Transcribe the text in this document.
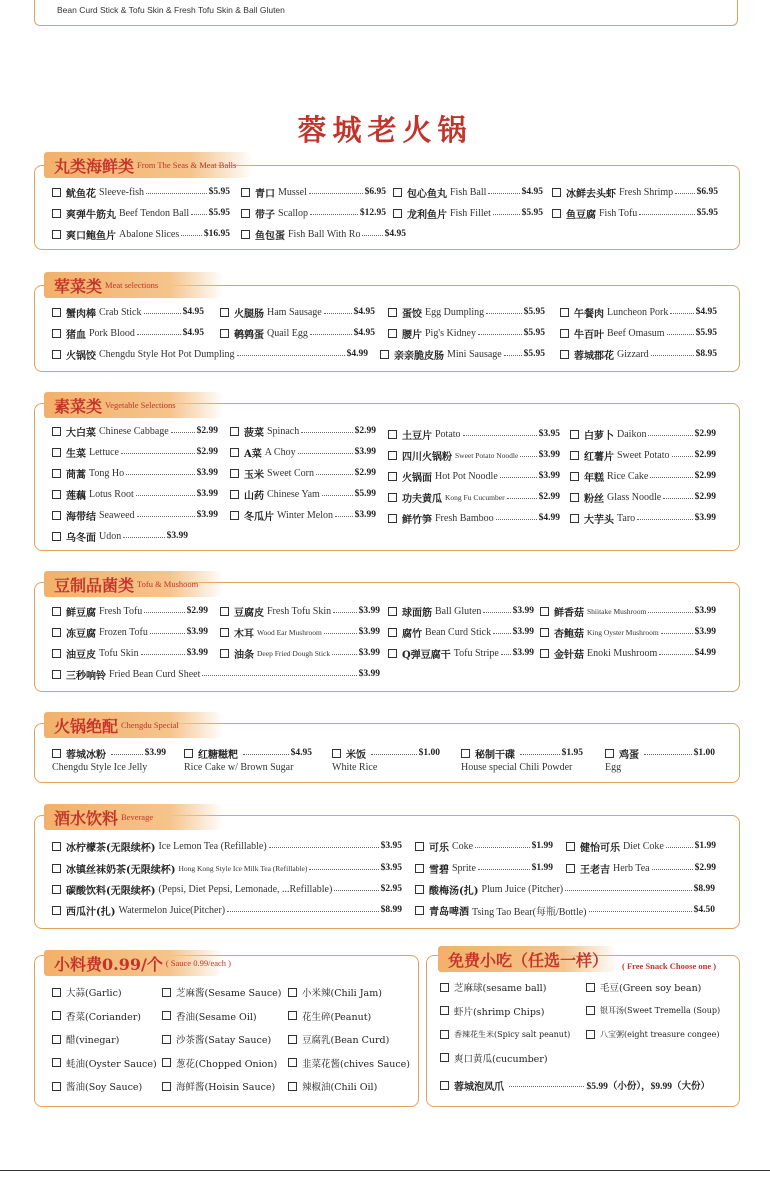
Bean Curd Stick & Tofu Skin & Fresh Tofu Skin & Ball Gluten
蓉城老火锅
丸类海鲜类 From The Seas & Meat Balls
荤菜类 Meat selections
素菜类 Vegetable Selections
豆制品菌类 Tofu & Mushoom
火锅绝配 Chengdu Special
酒水饮料 Beverage
小料费0.99/个 ( Sauce 0.99/each )	免费小吃（任选一样） ( Free Snack Choose one )
鱿鱼花 Sleeve-fish	$5.95	青口 Mussel	$6.95 包心鱼丸 Fish Ball	$4.95 冰鲜去头虾 Fresh Shrimp $6.95
爽弹牛筋丸 Beef Tendon Ball $5.95	带子 Scallop	$12.95 龙利鱼片 Fish Fillet	$5.95 鱼豆腐 Fish Tofu	$5.95
爽口鲍鱼片 Abalone Slices	$16.95	鱼包蛋 Fish Ball With Ro	$4.95
蟹肉棒 Crab Stick	$4.95	火腿肠 Ham Sausage	$4.95	蛋饺 Egg Dumpling	$5.95	午餐肉 Luncheon Pork	$4.95
猪血 Pork Blood	$4.95	鹌鹑蛋 Quail Egg	$4.95	腰片 Pig's Kidney	$5.95	牛百叶 Beef Omasum	$5.95
火锅饺 Chengdu Style Hot Pot Dumpling	$4.99	亲亲脆皮肠 Mini Sausage $5.95	蓉城郡花 Gizzard	$8.95
大白菜 Chinese Cabbage	$2.99	菠菜 Spinach	$2.99	土豆片 Potato	$3.95 白萝卜 Daikon	$2.99
生菜 Lettuce	$2.99	A菜 A Choy	$3.99	四川火锅粉 Sweet Potato Noodle $3.99 红薯片 Sweet Potato	$2.99
茼蒿 Tong Ho	$3.99	玉米 Sweet Corn	$2.99	火锅面 Hot Pot Noodle	$3.99 年糕 Rice Cake	$2.99
莲藕 Lotus Root	$3.99	山药 Chinese Yam	$5.99	功夫黄瓜 Kong Fu Cucumber	$2.99 粉丝 Glass Noodle	$2.99
海带结 Seaweed	$3.99	冬瓜片 Winter Melon $3.99	鲜竹笋 Fresh Bamboo	$4.99 大芋头 Taro	$3.99
乌冬面 Udon	$3.99
鲜豆腐 Fresh Tofu	$2.99	豆腐皮 Fresh Tofu Skin	$3.99 球面筋 Ball Gluten	$3.99 鲜香菇 Shiitake Mushroom	$3.99
冻豆腐 Frozen Tofu	$3.99	木耳 Wood Ear Mushroom	$3.99 腐竹 Bean Curd Stick $3.99 杏鲍菇 King Oyster Mushroom	$3.99
油豆皮 Tofu Skin	$3.99	油条 Deep Fried Dough Stick	$3.99 Q弹豆腐干 Tofu Stripe $3.99 金针菇 Enoki Mushroom	$4.99
三秒响铃 Fried Bean Curd Sheet	$3.99
蓉城冰粉	$3.99
Chengdu Style Ice Jelly
红糖糍粑	$4.95
Rice Cake w/ Brown Sugar
米饭	$1.00
White Rice
秘制干碟	$1.95
House special Chili Powder
鸡蛋	$1.00
Egg
冰柠檬茶(无限续杯) Ice Lemon Tea (Refillable)	$3.95	可乐 Coke	$1.99	健怡可乐 Diet Coke	$1.99
冰镇丝袜奶茶(无限续杯) Hong Kong Style Ice Milk Tea (Refillable)	$3.95	雪碧 Sprite	$1.99	王老吉 Herb Tea	$2.99
碳酸饮料(无限续杯) (Pepsi, Diet Pepsi, Lemonade, ...Refillable)	$2.95	酸梅汤(扎) Plum Juice (Pitcher)	$8.99
西瓜汁(扎) Watermelon Juice(Pitcher)	$8.99	青岛啤酒 Tsing Tao Bear(每瓶/Bottle)	$4.50
大蒜(Garlic)	芝麻酱(Sesame Sauce) 小米辣(Chili Jam)
香菜(Coriander)	香油(Sesame Oil)	花生碎(Peanut)
醋(vinegar)	沙茶酱(Satay Sauce)	豆腐乳(Bean Curd)
蚝油(Oyster Sauce) 葱花(Chopped Onion)	韭菜花酱(chives Sauce)
酱油(Soy Sauce)	海鲜酱(Hoisin Sauce)	辣椒油(Chili Oil)
芝麻球(sesame ball)	毛豆(Green soy bean)
虾片(shrimp Chips)	银耳汤(Sweet Tremella (Soup)
香辣花生米(Spicy salt peanut)	八宝粥(eight treasure congee)
爽口黄瓜(cucumber)
蓉城泡凤爪	$5.99（小份），$9.99（大份）
